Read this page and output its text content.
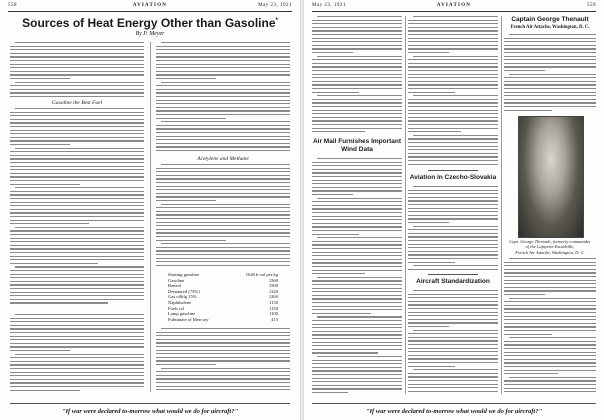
558	AVIATION	May 23, 1921
Sources of Heat Energy Other than Gasoline*
By P. Meyer
Gasoline the Best Fuel
Acetylene and Methane
Starting gasoline	1640 k-cal per kg
Gasoline	1560
Benzol	1500
Denatured (75%)	1320
Gas oilblg 15%	1260
Naphthalene	1150
Fuels oil	1150
Lamp gasoline	1100
Fulminate of Mercury	415
"If war were declared to-morrow what would we do for aircraft?"
May 23, 1921	AVIATION	559
Air Mail Furnishes Important Wind Data
Aviation in Czecho-Slovakia
Aircraft Standardization
Captain George Thenault
French Air Attache, Washington, D. C.
Capt. George Thenault, formerly commander of the Lafayette Escadrille,
French Air Attache, Washington, D. C.
"If war were declared to-morrow what would we do for aircraft?"
